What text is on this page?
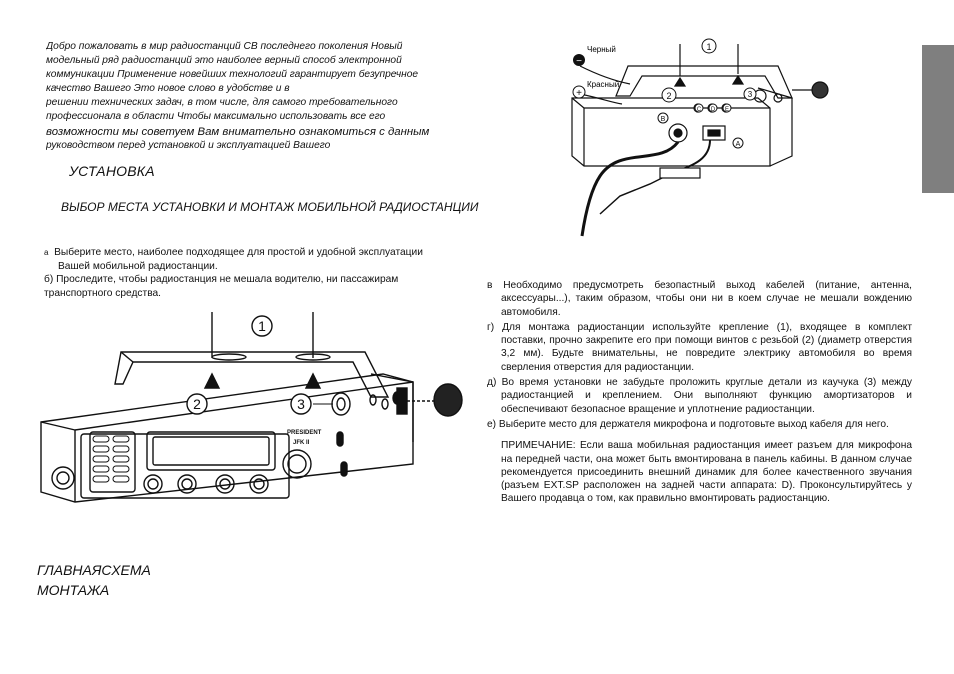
Добро пожаловать в мир радиостанций СВ последнего поколения Новый
модельный ряд радиостанций это наиболее верный способ электронной
коммуникации Применение новейших технологий гарантирует безупречное
качество Вашего Это новое слово в удобстве и в
решении технических задач, в том числе, для самого требовательного
профессионала в области Чтобы максимально использовать все его
возможности мы советуем Вам внимательно ознакомиться с данным
руководством перед установкой и эксплуатацией Вашего
УСТАНОВКА
ВЫБОР МЕСТА УСТАНОВКИ И МОНТАЖ МОБИЛЬНОЙ РАДИОСТАНЦИИ

а Выберите место, наиболее подходящее для простой и удобной эксплуатации

Вашей мобильной радиостанции.

б) Проследите, чтобы радиостанция не мешала водителю, ни пассажирам

транспортного средства.

в Необходимо предусмотреть безопастный выход кабелей (питание, антенна, аксессуары...), таким образом, чтобы они ни в коем случае не мешали вождению автомобиля.

г) Для монтажа радиостанции используйте крепление (1), входящее в комплект поставки, прочно закрепите его при помощи винтов с резьбой (2) (диаметр отверстия 3,2 мм). Будьте внимательны, не повредите электрику автомобиля во время сверления отверстия для радиостанции.

д) Во время установки не забудьте проложить круглые детали из каучука (3) между радиостанцией и креплением. Они выполняют функцию амортизаторов и обеспечивают безопасное вращение и уплотнение радиостанции.

е) Выберите место для держателя микрофона и подготовьте выход кабеля для него.

ПРИМЕЧАНИЕ: Если ваша мобильная радиостанция имеет разъем для микрофона на передней части, она может быть вмонтирована в панель кабины. В данном случае рекомендуется присоединить внешний динамик для более качественного звучания (разъем EXT.SP расположен на задней части аппарата: D). Проконсультируйтесь у Вашего продавца о том, как правильно вмонтировать радиостанцию.

ГЛАВНАЯСХЕМА
МОНТАЖА
−
+
Черный
Красный
1
2	3
C D E
B
A
PRESIDENT
JFK II
1
2	3
